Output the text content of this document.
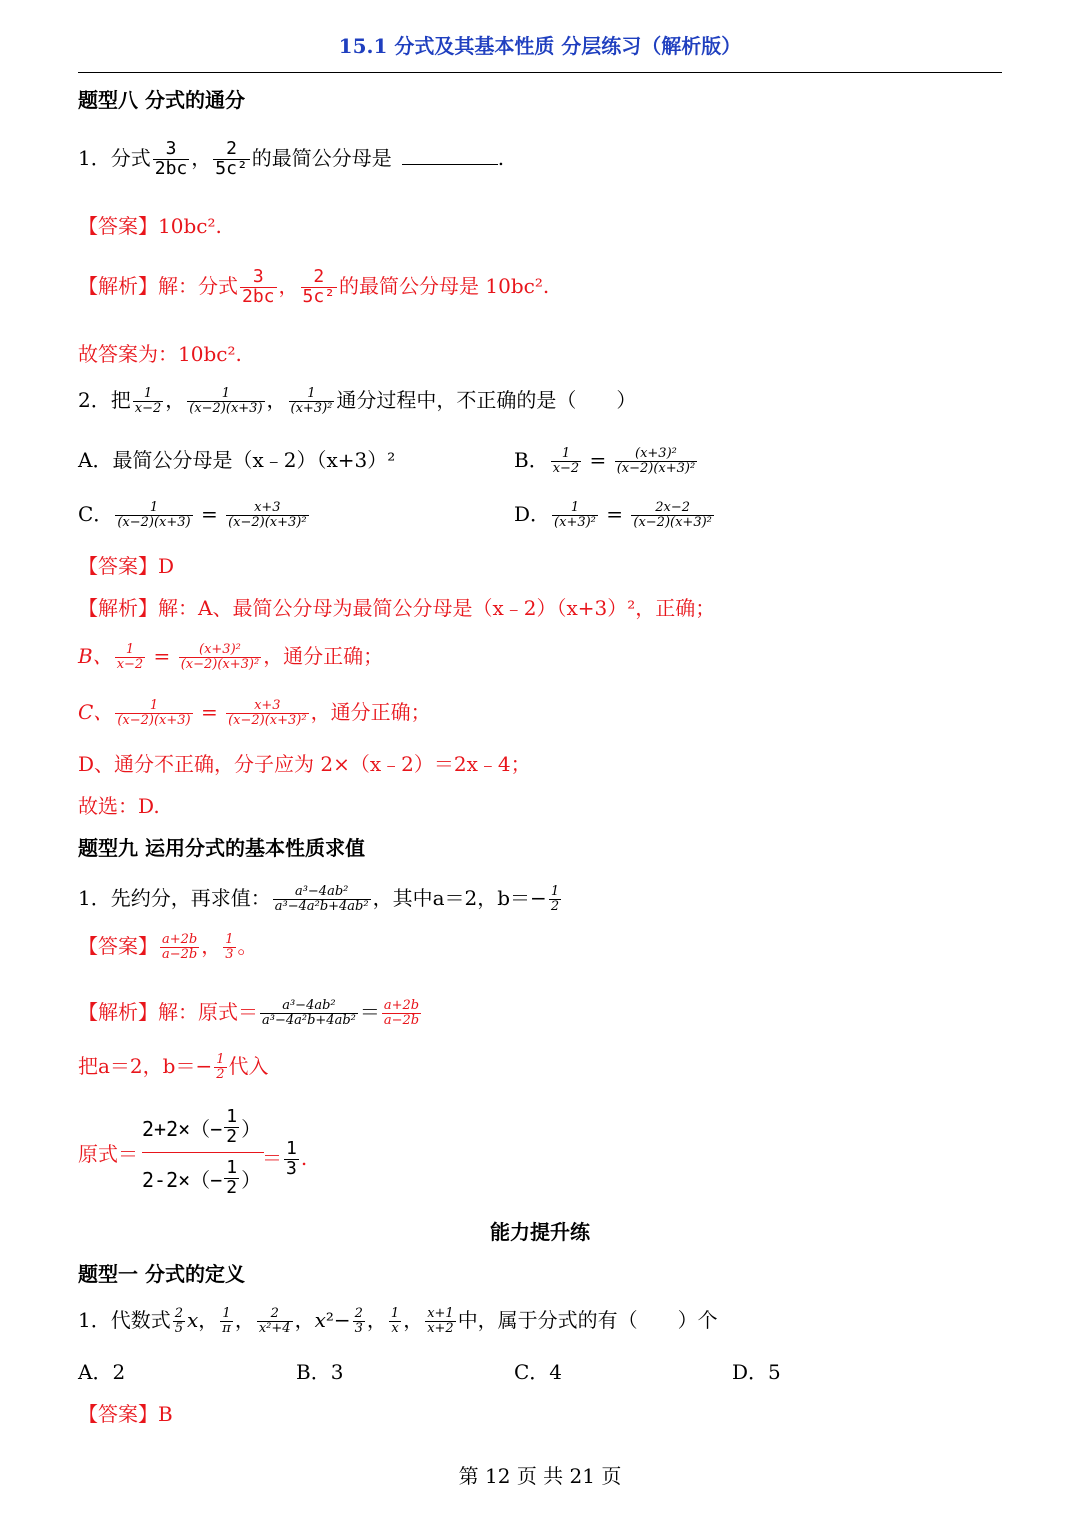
15.1 分式及其基本性质 分层练习（解析版）
题型八 分式的通分
1．分式 $\frac{3}{2bc}$ ， $\frac{2}{\text{5c²}}$ 的最简公分母是	.
【答案】10bc².
【解析】解：分式 $\frac{3}{2bc}$ ， $\frac{2}{\text{5c²}}$ 的最简公分母是 10bc².
故答案为：10bc².
2．把 $\frac{1}{x-2}$ ， $\frac{1}{(x-2)(x+3)}$ ， $\frac{1}{\text{(x+3)²}}$ 通分过程中，不正确的是（　　）
A．最简公分母是（x﹣2）（x+3）²	B． $\frac{1}{x-2} = \frac{\text{(x+3)²}}{\text{(x−2)(x+3)²}}$
C． $\frac{1}{(x-2)(x+3)} = \frac{x+3}{\text{(x−2)(x+3)²}}$	D． $\frac{1}{\text{(x+3)²}} = \frac{2x-2}{\text{(x−2)(x+3)²}}$
【答案】D
【解析】解：A、最简公分母为最简公分母是（x﹣2）（x+3）²，正确；
B、 $\frac{1}{x-2} = \frac{\text{(x+3)²}}{\text{(x−2)(x+3)²}}$ ，通分正确；
C、 $\frac{1}{(x-2)(x+3)} = \frac{x+3}{\text{(x−2)(x+3)²}}$ ，通分正确；
D、通分不正确，分子应为 2×（x﹣2）＝2x﹣4；
故选：D.
题型九 运用分式的基本性质求值
1．先约分，再求值： $\frac{\text{a³−4ab²}}{\text{a³−4a²b+4ab²}}$ ，其中a＝2，$b=- \frac{1}{2}$
【答案】 $\frac{a+2b}{a-2b}$ ， $\frac{1}{3}$ 。
【解析】解：原式＝ $\frac{\text{a³−4ab²}}{\text{a³−4a²b+4ab²}} = \frac{a+2b}{a-2b}$
把a＝2，$b=- \frac{1}{2}$ 代入
原式＝
$2+2\times(- \frac{1}{2}$ ）
$2-2\times(- \frac{1}{2}$ ）
＝ $\frac{1}{3}$ .
能力提升练
题型一 分式的定义
1．代数式 $\frac{2}{5}$ x， $\frac{1}{\pi}$ ， $\frac{2}{\text{x²+4}}$ ，$x^2- \frac{2}{3}$ ， $\frac{1}{x}$ ， $\frac{x+1}{x+2}$ 中，属于分式的有（　　）个
A．2	B．3	C．4	D．5
【答案】B
第 12 页 共 21 页
